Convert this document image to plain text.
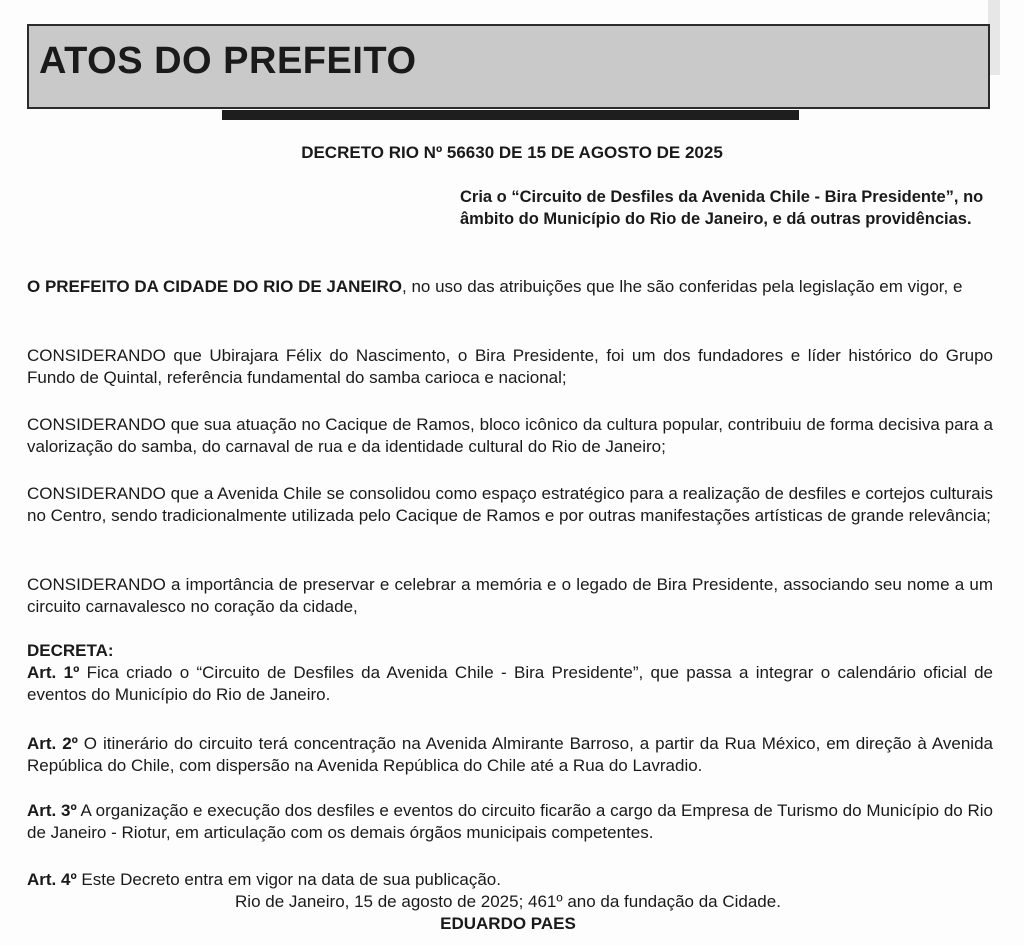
ATOS DO PREFEITO
DECRETO RIO Nº 56630 DE 15 DE AGOSTO DE 2025
Cria o “Circuito de Desfiles da Avenida Chile - Bira Presidente”, no âmbito do Município do Rio de Janeiro, e dá outras providências.
O PREFEITO DA CIDADE DO RIO DE JANEIRO, no uso das atribuições que lhe são conferidas pela legislação em vigor, e
CONSIDERANDO que Ubirajara Félix do Nascimento, o Bira Presidente, foi um dos fundadores e líder histórico do Grupo Fundo de Quintal, referência fundamental do samba carioca e nacional;
CONSIDERANDO que sua atuação no Cacique de Ramos, bloco icônico da cultura popular, contribuiu de forma decisiva para a valorização do samba, do carnaval de rua e da identidade cultural do Rio de Janeiro;
CONSIDERANDO que a Avenida Chile se consolidou como espaço estratégico para a realização de desfiles e cortejos culturais no Centro, sendo tradicionalmente utilizada pelo Cacique de Ramos e por outras manifestações artísticas de grande relevância;
CONSIDERANDO a importância de preservar e celebrar a memória e o legado de Bira Presidente, associando seu nome a um circuito carnavalesco no coração da cidade,
DECRETA:
Art. 1º Fica criado o “Circuito de Desfiles da Avenida Chile - Bira Presidente”, que passa a integrar o calendário oficial de eventos do Município do Rio de Janeiro.
Art. 2º O itinerário do circuito terá concentração na Avenida Almirante Barroso, a partir da Rua México, em direção à Avenida República do Chile, com dispersão na Avenida República do Chile até a Rua do Lavradio.
Art. 3º A organização e execução dos desfiles e eventos do circuito ficarão a cargo da Empresa de Turismo do Município do Rio de Janeiro - Riotur, em articulação com os demais órgãos municipais competentes.
Art. 4º Este Decreto entra em vigor na data de sua publicação.
Rio de Janeiro, 15 de agosto de 2025; 461º ano da fundação da Cidade.
EDUARDO PAES
